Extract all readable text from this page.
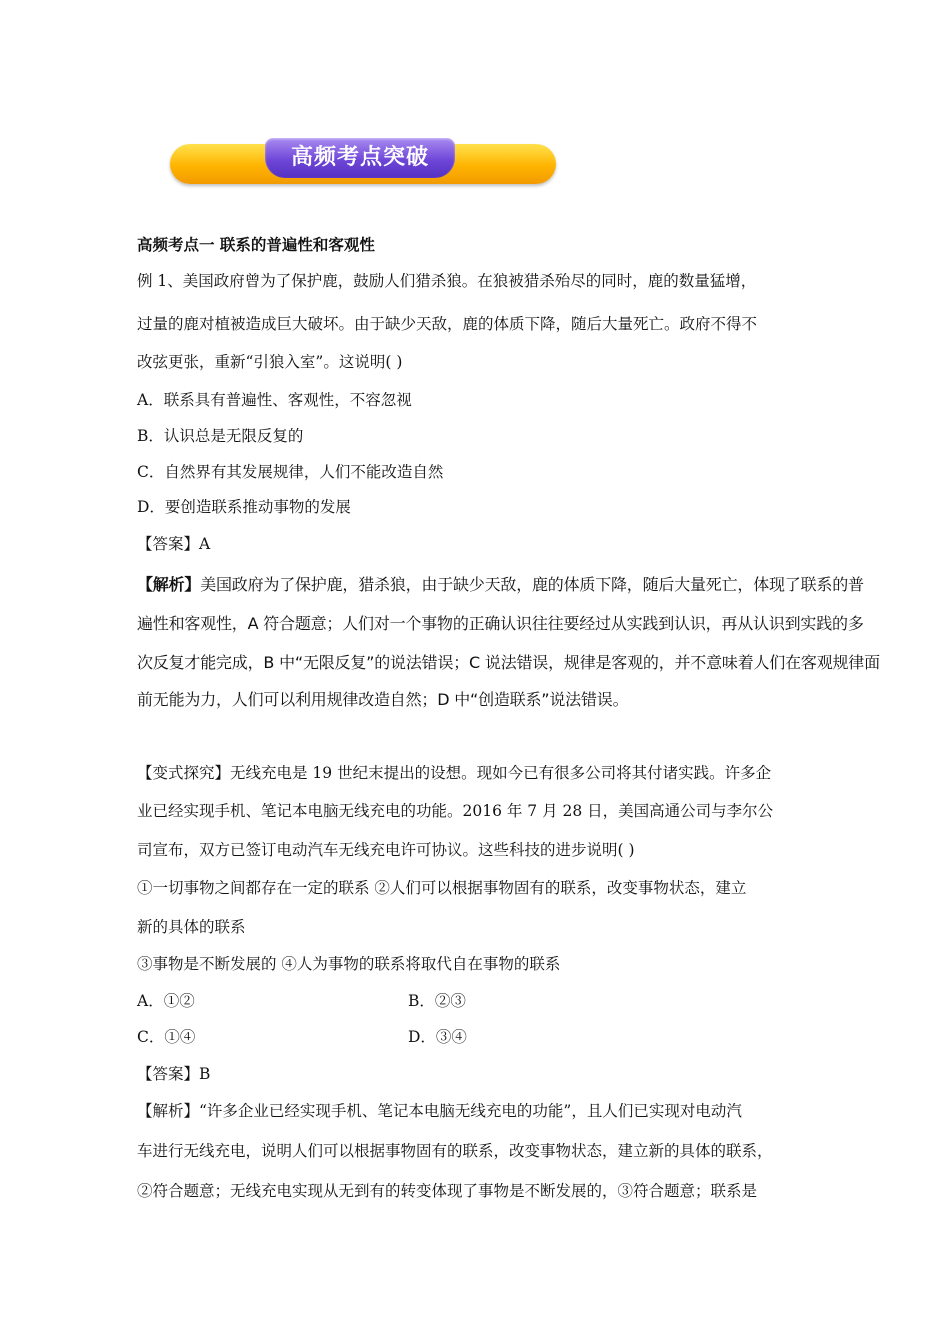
高频考点突破
高频考点一 联系的普遍性和客观性
例 1、美国政府曾为了保护鹿，鼓励人们猎杀狼。在狼被猎杀殆尽的同时，鹿的数量猛增，
过量的鹿对植被造成巨大破坏。由于缺少天敌，鹿的体质下降，随后大量死亡。政府不得不
改弦更张，重新“引狼入室”。这说明( )
A．联系具有普遍性、客观性，不容忽视
B．认识总是无限反复的
C．自然界有其发展规律，人们不能改造自然
D．要创造联系推动事物的发展
【答案】A
【解析】美国政府为了保护鹿，猎杀狼，由于缺少天敌，鹿的体质下降，随后大量死亡，体现了联系的普
遍性和客观性，A 符合题意；人们对一个事物的正确认识往往要经过从实践到认识，再从认识到实践的多
次反复才能完成，B 中“无限反复”的说法错误；C 说法错误，规律是客观的，并不意味着人们在客观规律面
前无能为力，人们可以利用规律改造自然；D 中“创造联系”说法错误。
【变式探究】无线充电是 19 世纪末提出的设想。现如今已有很多公司将其付诸实践。许多企
业已经实现手机、笔记本电脑无线充电的功能。2016 年 7 月 28 日，美国高通公司与李尔公
司宣布，双方已签订电动汽车无线充电许可协议。这些科技的进步说明( )
①一切事物之间都存在一定的联系 ②人们可以根据事物固有的联系，改变事物状态，建立
新的具体的联系
③事物是不断发展的 ④人为事物的联系将取代自在事物的联系
A．①②	B．②③
C．①④	D．③④
【答案】B
【解析】“许多企业已经实现手机、笔记本电脑无线充电的功能”，且人们已实现对电动汽
车进行无线充电，说明人们可以根据事物固有的联系，改变事物状态，建立新的具体的联系，
②符合题意；无线充电实现从无到有的转变体现了事物是不断发展的，③符合题意；联系是
